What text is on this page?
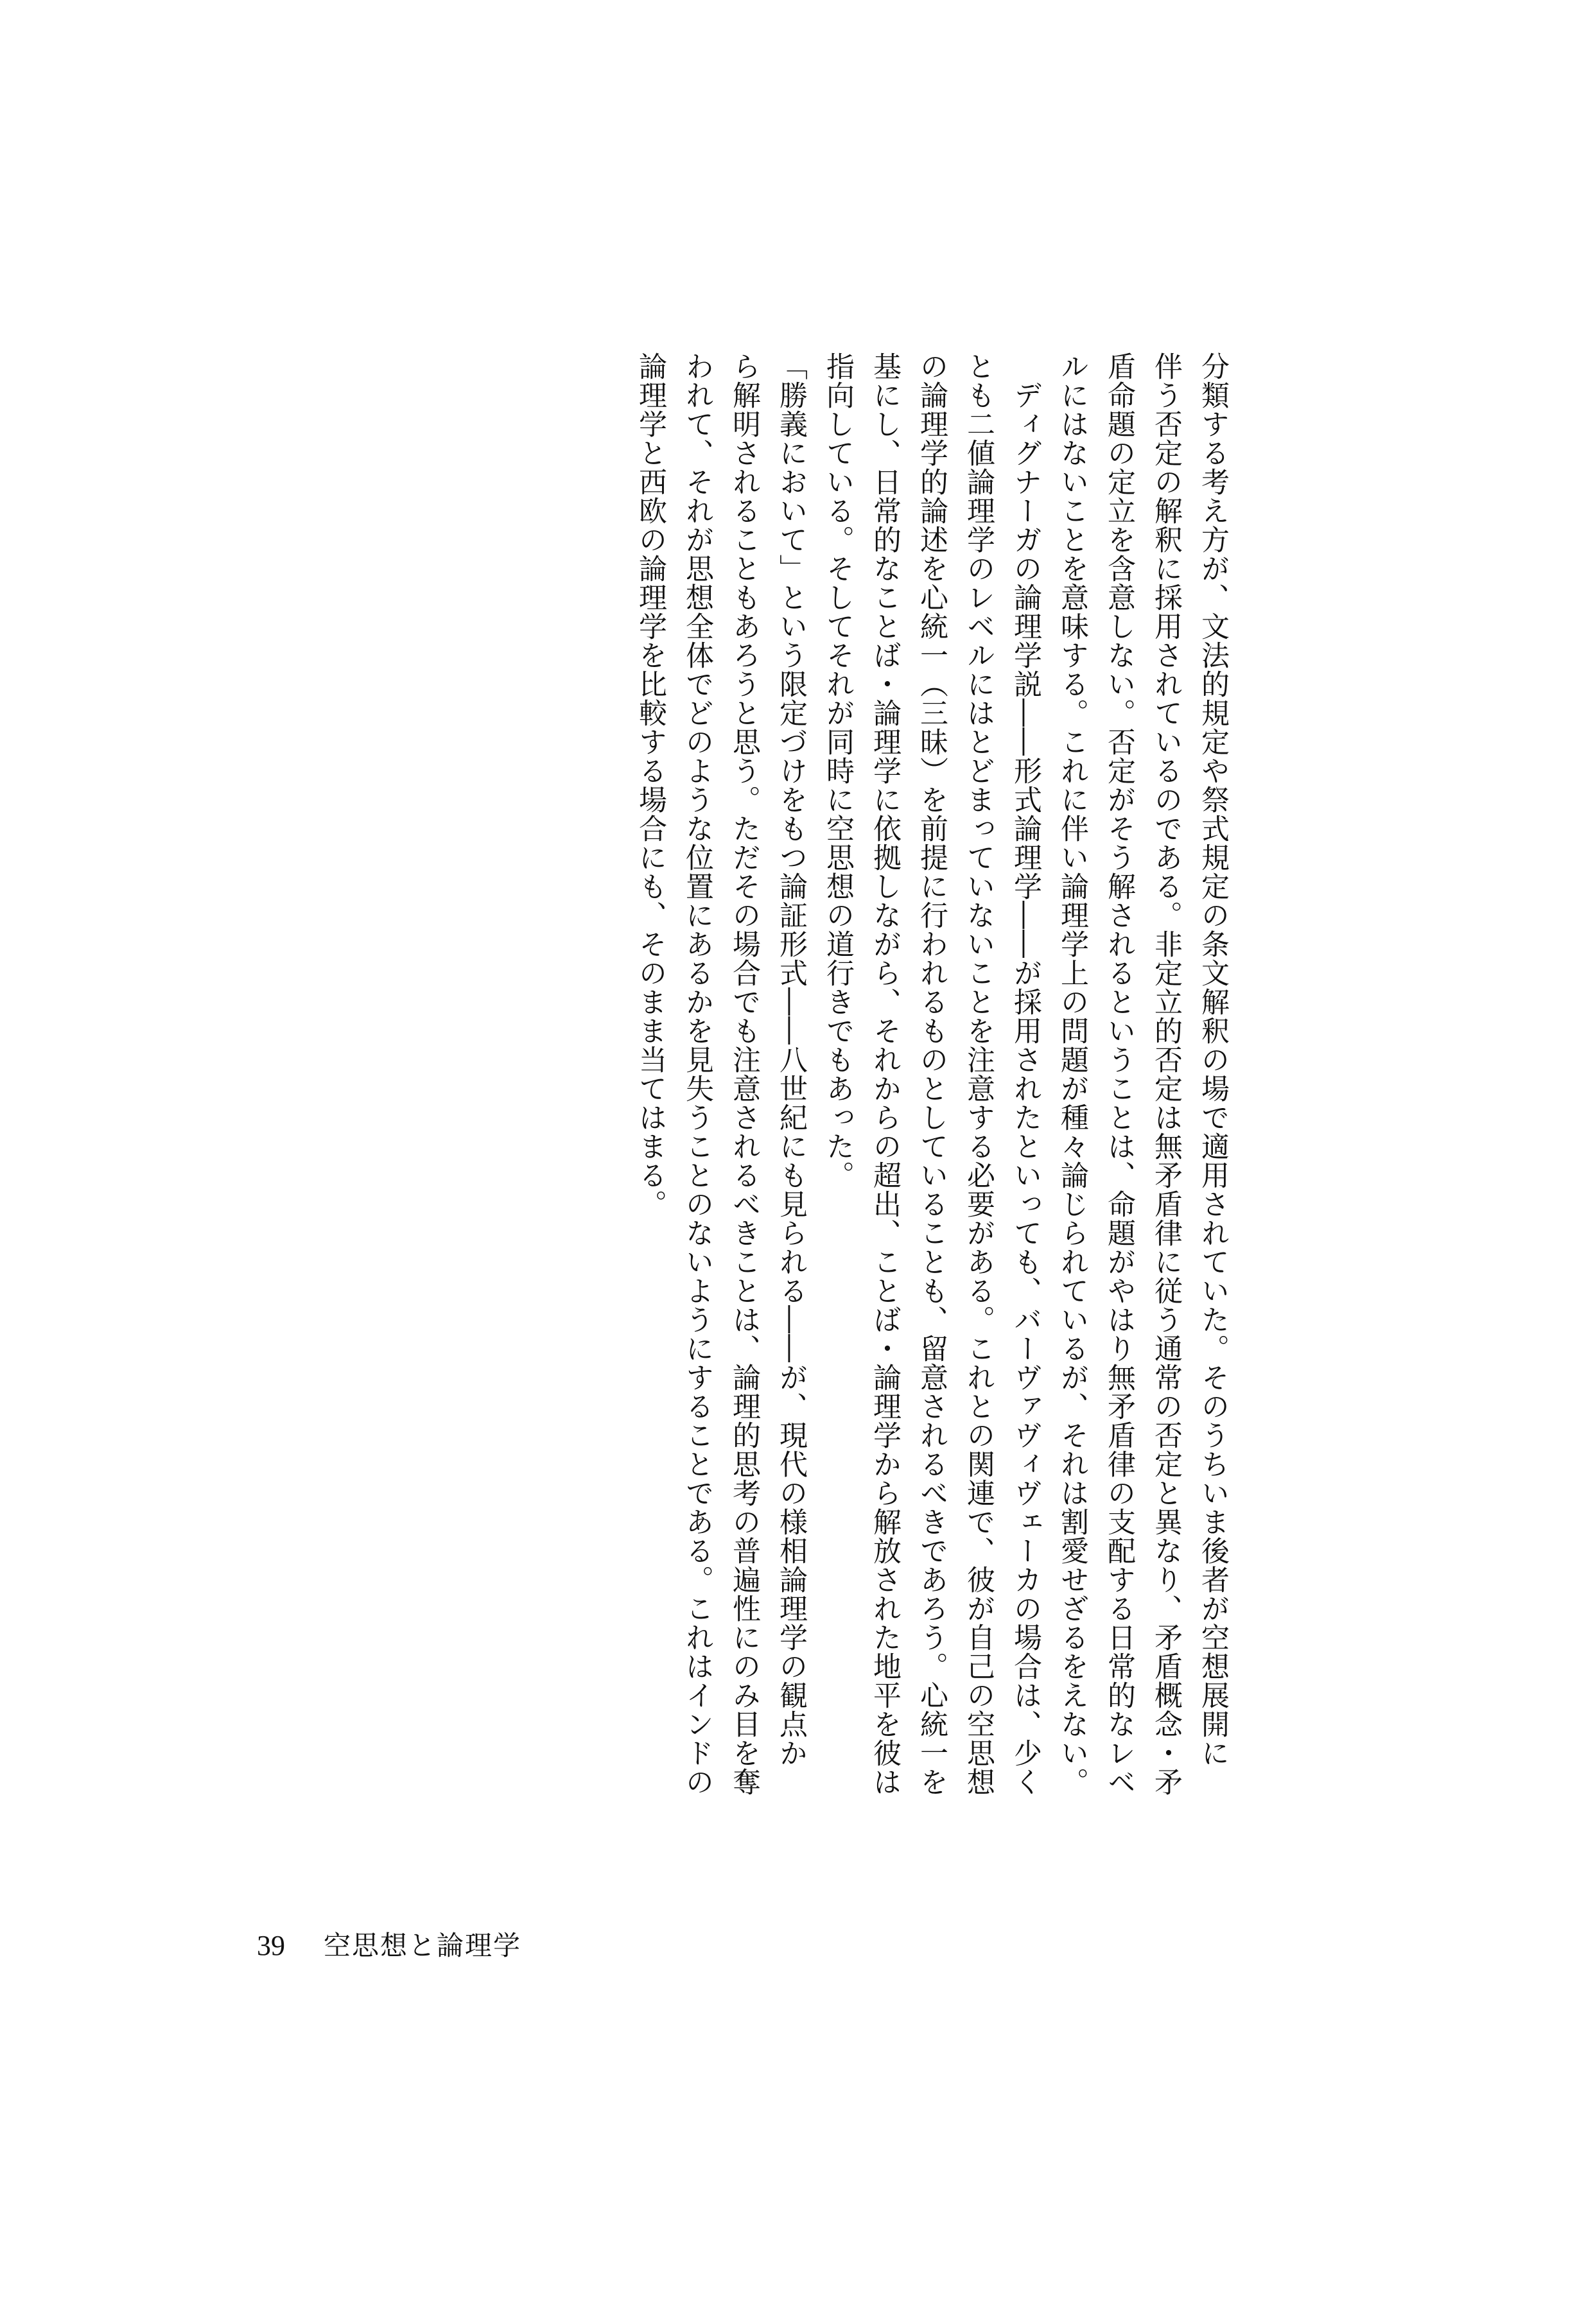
分類する考え方が、文法的規定や祭式規定の条文解釈の場で適用されていた。そのうちいま後者が空想展開に
伴う否定の解釈に採用されているのである。非定立的否定は無矛盾律に従う通常の否定と異なり、矛盾概念・矛
盾命題の定立を含意しない。否定がそう解されるということは、命題がやはり無矛盾律の支配する日常的なレベ
ルにはないことを意味する。これに伴い論理学上の問題が種々論じられているが、それは割愛せざるをえない。
　ディグナーガの論理学説――形式論理学――が採用されたといっても、バーヴァヴィヴェーカの場合は、少く
とも二値論理学のレベルにはとどまっていないことを注意する必要がある。これとの関連で、彼が自己の空思想
の論理学的論述を心統一（三昧）を前提に行われるものとしていることも、留意されるべきであろう。心統一を
基にし、日常的なことば・論理学に依拠しながら、それからの超出、ことば・論理学から解放された地平を彼は
指向している。そしてそれが同時に空思想の道行きでもあった。
「勝義において」という限定づけをもつ論証形式――八世紀にも見られる――が、現代の様相論理学の観点か
ら解明されることもあろうと思う。ただその場合でも注意されるべきことは、論理的思考の普遍性にのみ目を奪
われて、それが思想全体でどのような位置にあるかを見失うことのないようにすることである。これはインドの
論理学と西欧の論理学を比較する場合にも、そのまま当てはまる。
39 空思想と論理学
